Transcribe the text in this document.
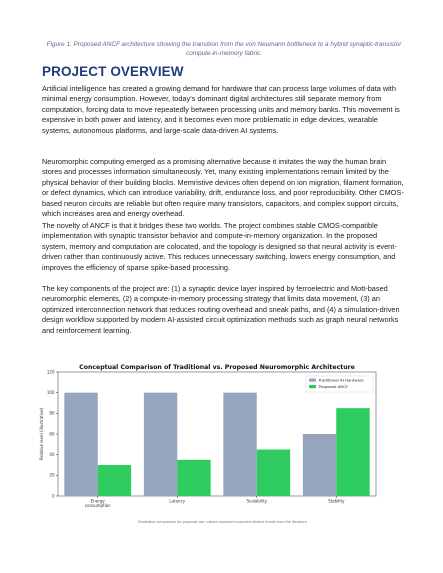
Figure 1. Proposed ANCF architecture showing the transition from the von Neumann bottleneck to a hybrid synaptic-transistor compute-in-memory fabric.
PROJECT OVERVIEW

Artificial intelligence has created a growing demand for hardware that can process large volumes of data with minimal energy consumption. However, today’s dominant digital architectures still separate memory from computation, forcing data to move repeatedly between processing units and memory banks. This movement is expensive in both power and latency, and it becomes even more problematic in edge devices, wearable systems, autonomous platforms, and large-scale data-driven AI systems.

Neuromorphic computing emerged as a promising alternative because it imitates the way the human brain stores and processes information simultaneously. Yet, many existing implementations remain limited by the physical behavior of their building blocks. Memristive devices often depend on ion migration, filament formation, or defect dynamics, which can introduce variability, drift, endurance loss, and poor reproducibility. Other CMOS-based neuron circuits are reliable but often require many transistors, capacitors, and complex support circuits, which increases area and energy overhead.

The novelty of ANCF is that it bridges these two worlds. The project combines stable CMOS-compatible implementation with synaptic transistor behavior and compute-in-memory organization. In the proposed system, memory and computation are colocated, and the topology is designed so that neural activity is event-driven rather than continuously active. This reduces unnecessary switching, lowers energy consumption, and improves the efficiency of sparse spike-based processing.

The key components of the project are: (1) a synaptic device layer inspired by ferroelectric and Mott-based neuromorphic elements, (2) a compute-in-memory processing strategy that limits data movement, (3) an optimized interconnection network that reduces routing overhead and sneak paths, and (4) a simulation-driven design workflow supported by modern AI-assisted circuit optimization methods such as graph neural networks and reinforcement learning.

Conceptual Comparison of Traditional vs. Proposed Neuromorphic Architecture
0
20
40
60
80
100
120
Relative level (illustrative)
Energy
consumption
Latency	Scalability	Stability
Traditional AI Hardware
Proposed ANCF
Illustrative comparison for proposal use; values represent expected relative trends from the literature.
